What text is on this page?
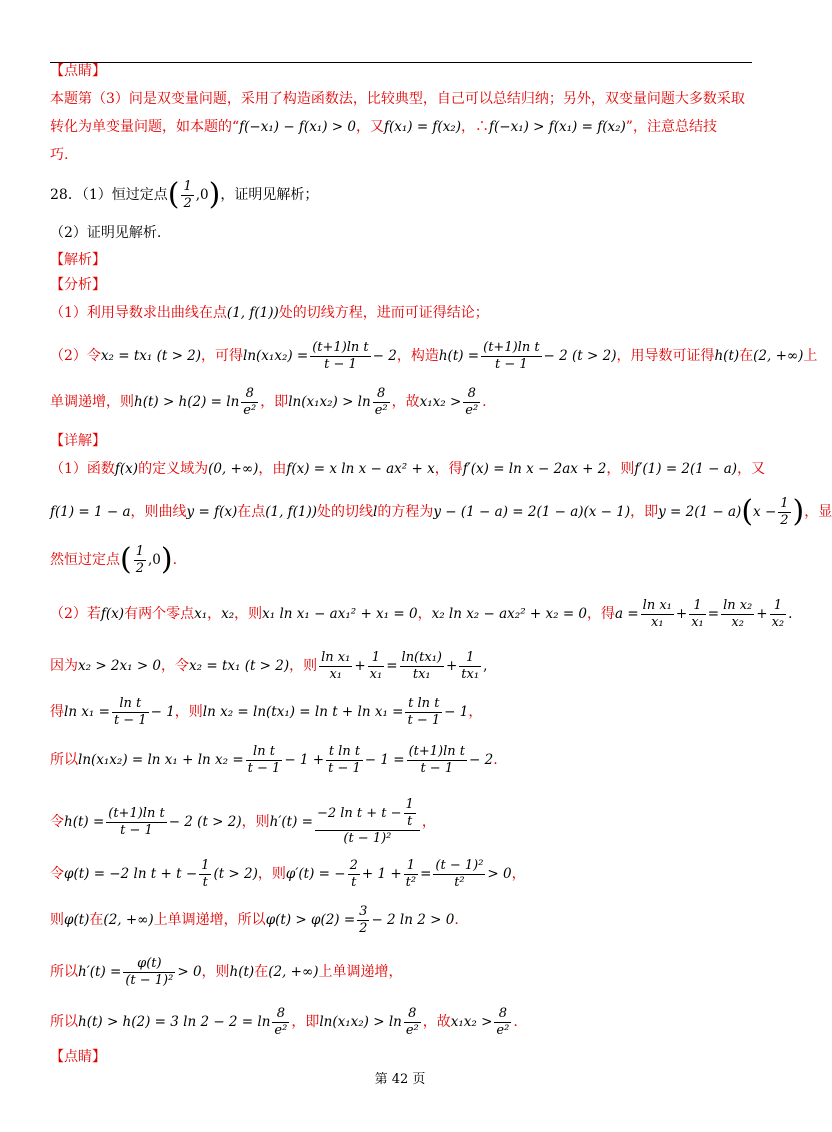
【点睛】
本题第（3）问是双变量问题，采用了构造函数法，比较典型，自己可以总结归纳；另外，双变量问题大多数采取
转化为单变量问题，如本题的“f(−x₁) − f(x₁) > 0，又f(x₁) = f(x₂)，∴f(−x₁) > f(x₁) = f(x₂)”，注意总结技
巧.
28．（1）恒过定点( $\frac{1}{2} ,0$)，证明见解析；
（2）证明见解析.
【解析】
【分析】
（1）利用导数求出曲线在点(1, f(1))处的切线方程，进而可证得结论；
（2）令x₂ = tx₁ (t > 2)，可得$\ln(x_1x_2) = \frac{\text{(t+1)ln t}}{t - 1} - 2$，构造$h(t) = \frac{\text{(t+1)ln t}}{t - 1} - 2$ (t > 2)，用导数可证得h(t)在(2, +∞)上
单调递增，则$h(t) > h(2) = \ln \frac{8}{\text{e²}}$ ，即$\ln(x_1x_2) > \ln \frac{8}{\text{e²}}$ ，故$x_1x_2 > \frac{8}{\text{e²}}$ .
【详解】
（1）函数f(x)的定义域为(0, +∞)，由f(x) = x ln x − ax² + x，得f′(x) = ln x − 2ax + 2，则f′(1) = 2(1 − a)，又
f(1) = 1 − a，则曲线y = f(x)在点(1, f(1))处的切线l的方程为y − (1 − a) = 2(1 − a)(x − 1)，即$y = 2(1 - a)(x - \frac{1}{2}$ )，显
然恒过定点( $\frac{1}{2} ,0$).
（2）若f(x)有两个零点x₁，x₂，则x₁ ln x₁ − ax₁² + x₁ = 0，x₂ ln x₂ − ax₂² + x₂ = 0，得$a = \frac{\text{ln x₁}}{\text{x₁}} + \frac{1}{\text{x₁}} = \frac{\text{ln x₂}}{\text{x₂}} + \frac{1}{\text{x₂}}$ .
因为x₂ > 2x₁ > 0，令x₂ = tx₁ (t > 2)，则 $\frac{\text{ln x₁}}{\text{x₁}} + \frac{1}{\text{x₁}} = \frac{\text{ln(tx₁)}}{\text{tx₁}} + \frac{1}{\text{tx₁}}$ ,
得$\ln x_1 = \frac{\text{ln t}}{t - 1} - 1$，则$\ln x_2 = \ln(tx_1) = \ln t + \ln x_1 = \frac{\text{t ln t}}{t - 1} - 1$，
所以$\ln(x_1x_2) = \ln x_1 + \ln x_2 = \frac{\text{ln t}}{t - 1} - 1 + \frac{\text{t ln t}}{t - 1} - 1 = \frac{\text{(t+1)ln t}}{t - 1} - 2$.
令$h(t) = \frac{\text{(t+1)ln t}}{t - 1} - 2$ (t > 2)，则$h'(t) = \frac{-2 \ln t + t - \frac{1}{t}}{\text{(t − 1)²}}$ ，
令φ(t) = −2 $\ln t + t - \frac{1}{t} (t > 2)$，则φ′(t) = − $\frac{2}{t} + 1 + \frac{1}{\text{t²}} = \frac{\text{(t − 1)²}}{\text{t²}} > 0$，
则φ(t)在(2, +∞)上单调递增，所以$\varphi(t) > \varphi(2) = \frac{3}{2} - 2$ ln 2 > 0.
所以$h'(t) = \frac{\varphi(t)}{\text{(t − 1)²}} > 0$，则h(t)在(2, +∞)上单调递增，
所以h(t) > h(2) = 3 $\ln 2 - 2 = \ln \frac{8}{\text{e²}}$ ，即$\ln(x_1x_2) > \ln \frac{8}{\text{e²}}$ ，故$x_1x_2 > \frac{8}{\text{e²}}$ .
【点睛】
第 42 页
